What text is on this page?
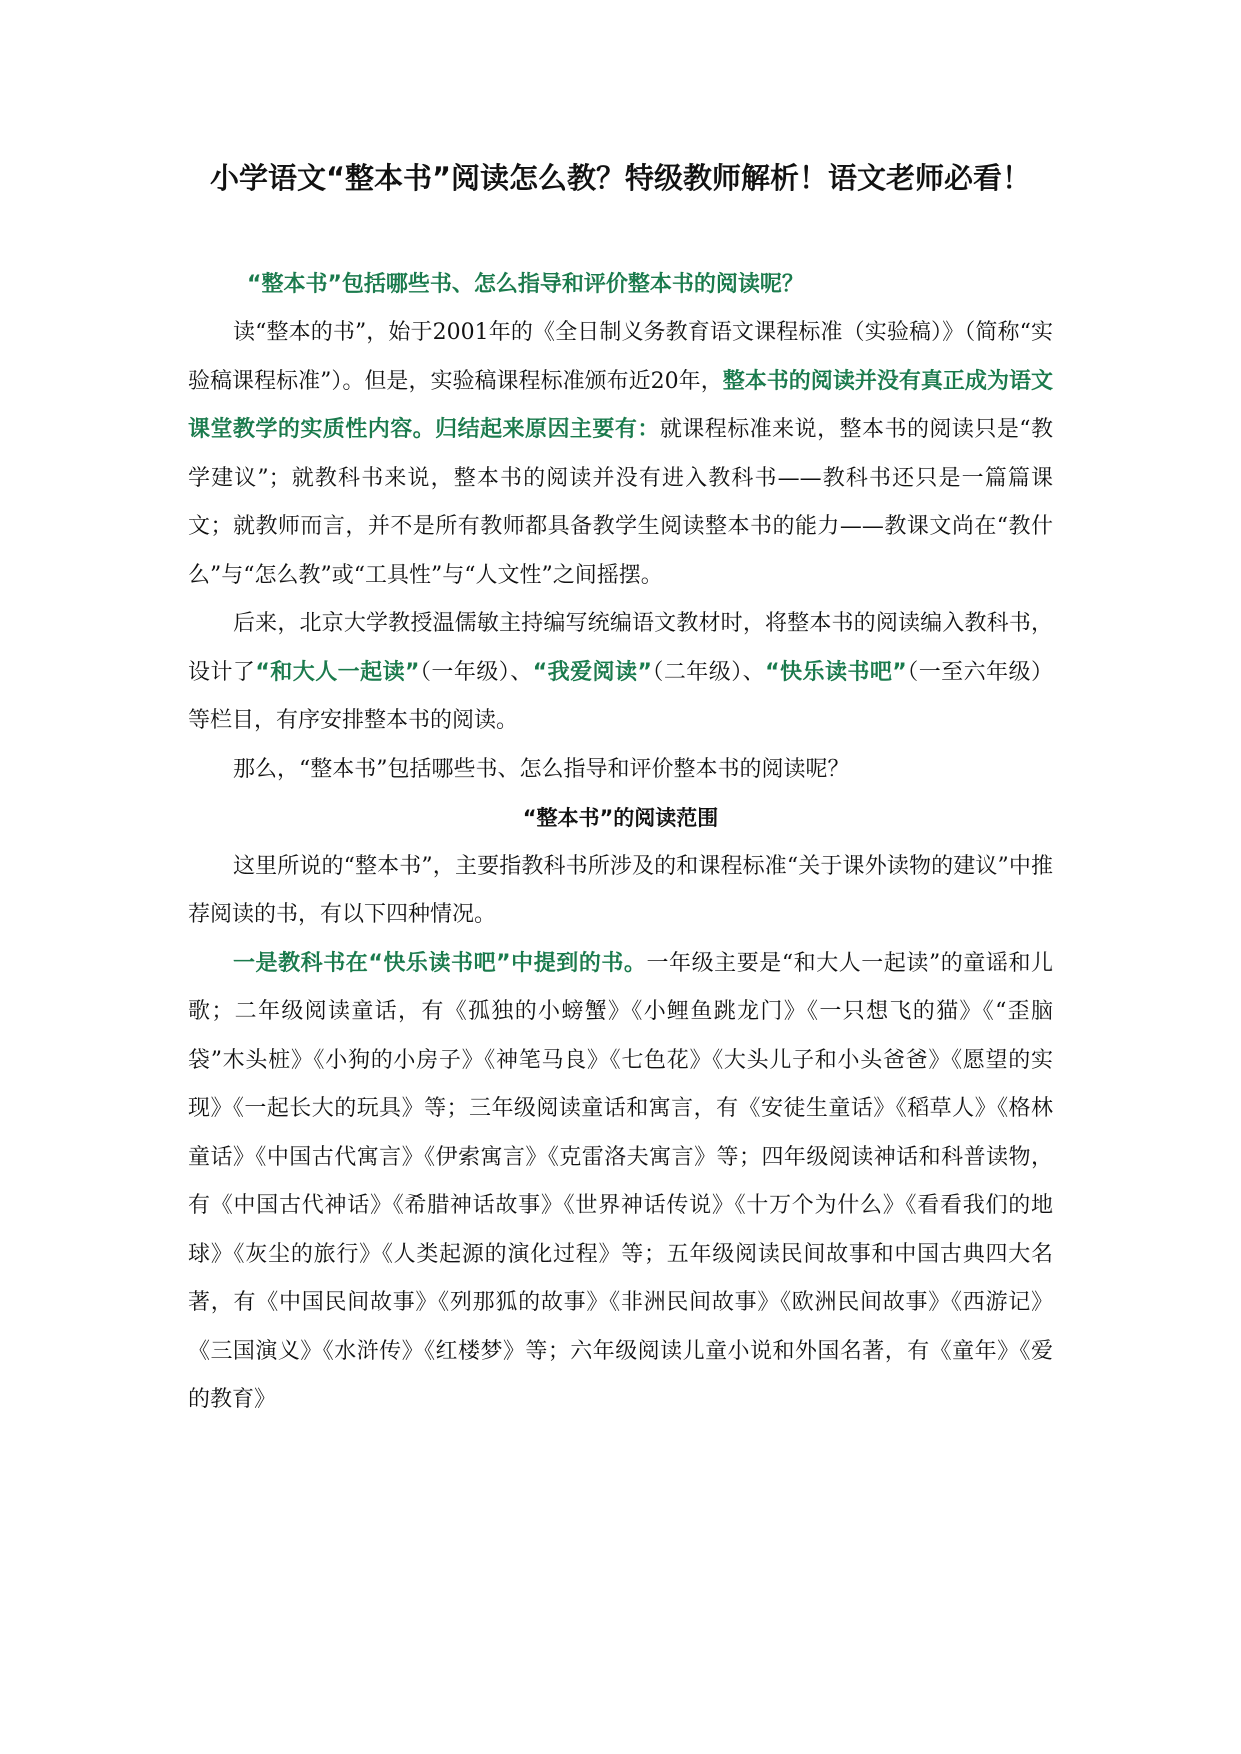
小学语文“整本书”阅读怎么教？特级教师解析！语文老师必看！

“整本书”包括哪些书、怎么指导和评价整本书的阅读呢？

读“整本的书”，始于2001年的《全日制义务教育语文课程标准（实验稿）》（简称“实验稿课程标准”）。但是，实验稿课程标准颁布近20年，整本书的阅读并没有真正成为语文课堂教学的实质性内容。归结起来原因主要有：就课程标准来说，整本书的阅读只是“教学建议”；就教科书来说，整本书的阅读并没有进入教科书——教科书还只是一篇篇课文；就教师而言，并不是所有教师都具备教学生阅读整本书的能力——教课文尚在“教什么”与“怎么教”或“工具性”与“人文性”之间摇摆。

后来，北京大学教授温儒敏主持编写统编语文教材时，将整本书的阅读编入教科书，设计了“和大人一起读”（一年级）、“我爱阅读”（二年级）、“快乐读书吧”（一至六年级）等栏目，有序安排整本书的阅读。

那么，“整本书”包括哪些书、怎么指导和评价整本书的阅读呢？

“整本书”的阅读范围

这里所说的“整本书”，主要指教科书所涉及的和课程标准“关于课外读物的建议”中推荐阅读的书，有以下四种情况。

一是教科书在“快乐读书吧”中提到的书。一年级主要是“和大人一起读”的童谣和儿歌；二年级阅读童话，有《孤独的小螃蟹》《小鲤鱼跳龙门》《一只想飞的猫》《“歪脑袋”木头桩》《小狗的小房子》《神笔马良》《七色花》《大头儿子和小头爸爸》《愿望的实现》《一起长大的玩具》等；三年级阅读童话和寓言，有《安徒生童话》《稻草人》《格林童话》《中国古代寓言》《伊索寓言》《克雷洛夫寓言》等；四年级阅读神话和科普读物，有《中国古代神话》《希腊神话故事》《世界神话传说》《十万个为什么》《看看我们的地球》《灰尘的旅行》《人类起源的演化过程》等；五年级阅读民间故事和中国古典四大名著，有《中国民间故事》《列那狐的故事》《非洲民间故事》《欧洲民间故事》《西游记》《三国演义》《水浒传》《红楼梦》等；六年级阅读儿童小说和外国名著，有《童年》《爱的教育》
